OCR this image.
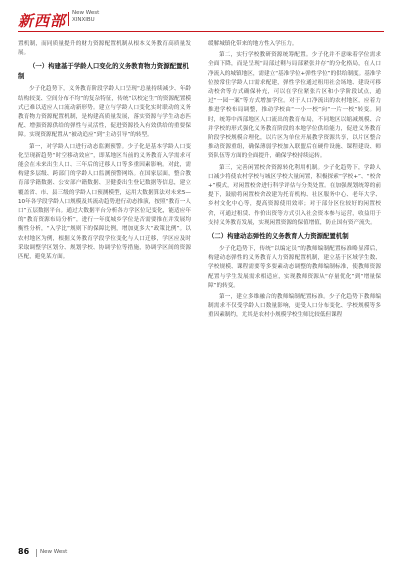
新西部 New West
XINXIBU

置机制，而同质量提升的财力资源配置机制从根本义务教育高质量发展。

（一）构建基于学龄人口变化的义务教育物力资源配置机制

少子化趋势下，义务教育阶段学龄人口呈现“总量持续减少、年龄结构较变、空间分布不均”的复杂特征，传统“以校定生”的资源配置模式已难以适应人口流动新形势。建立与学龄人口变化实时联动的义务教育物力资源配置机制，是构建高质量发展，落实资源与学生动态匹配、增强资源供给的弹性与灵活性，促进资源投入有效供给的重要保障。实现资源配置从“被动追应”到“主动引导”的转型。

第一，对学龄人口进行动态监测预警。少子化是基本学龄人口变化呈现新趋势“时空移动效应”，即某地区当前的义务教育入学需求可能会在未来出生人口、三年后的迁移人口等多重因素影响。对此，需构建多层级、跨部门的学龄人口监测预警网络。在国家层面，整合教育部学籍数据、公安部户籍数据、卫健委出生登记数据等信息，建立覆盖省、市、县三级的学龄人口预测模型，运用大数据算法对未来5—10年各学段学龄人口规模及其流动趋势进行动态推演，按照“教育一人口”五层数据平台。通过大数据平台分析各方学区位记变化，能适应年的“教育资源布局分析”，进行一年度城乡学位是否需要推在并发展均衡性分析，“入学比”规则下的保障比例，增加更多大“政策比例”。以农村地区为例，根据义务教育学段学位变化与人口迁移，学区应及时采取调整学区划分、规划学校、协调学位等措施，协调学区间的资源匹配，避免某方面。

缓解城镇化带来的地方性入学压力。

第二，实行学校教研资源统筹配置。少子化并不意味着学位需求全面下降，而是呈现“局部过剩与局部紧张并存”的分化格局，在人口净流入的城镇地区，需建立“基准学位+弹性学位”的供给制度。基准学位按常住学龄人口需求配建，弹性学位通过租用社会场地、建设可移动校舍等方式确保补充，可以在学位紧张片区和小学阶段试点，通过“一园一案”等方式增加学位。对于人口净流出的农村地区，应着力推进学校布局调整，推动学校由“一小一校”向“一片一校”转变。同时，统筹中西部地区人口流出的教育布局，不同地区以缩减规模、合并学校的形式强化义务教育阶段的本地学位供给能力，促进义务教育阶段学校规模合理化，以片区为单位开展教学资源共享，以片区整合推动资源重组，确保薄弱学校加入联盟后在硬件设施、课程建设、师资队伍等方面的全面提升，确保学校持续运转。

第三，完善闲置校舍资源转化利用机制。少子化趋势下，学龄人口减少将使农村学校与城区学校大量闲置，积极探索“学校+”、“校舍+”模式，对闲置校舍进行科学评估与分类处置。在加强规划统筹的前提下，鼓励将闲置校舍改建为托育机构、社区服务中心、老年大学、乡村文化中心等，提高资源使用效率；对于部分区位较好的闲置校舍，可通过租赁、作价出资等方式引入社会资本参与运营，收益用于支持义务教育发展，实现闲置资源的保值增值，防止国有资产流失。

（二）构建动态弹性的义务教育人力资源配置机制

少子化趋势下，传统“以编定员”的教师编制配置标准略显滞后，构建动态弹性的义务教育人力资源配置机制，建立基于区域学生数、学校规模、课程需要等多要素动态调整的教师编制标准，使教师资源配置与学生发展需求相适应，实现教师资源从“存量优化”到“增量保障”的转变。

第一，建立多维融合的教师编制配置标准。少子化趋势下教师编制需求不仅受学龄人口数量影响，更受人口分布变化、学校规模等多重因素制约，尤其是农村小规模学校生师比较低但课程

86 New West
